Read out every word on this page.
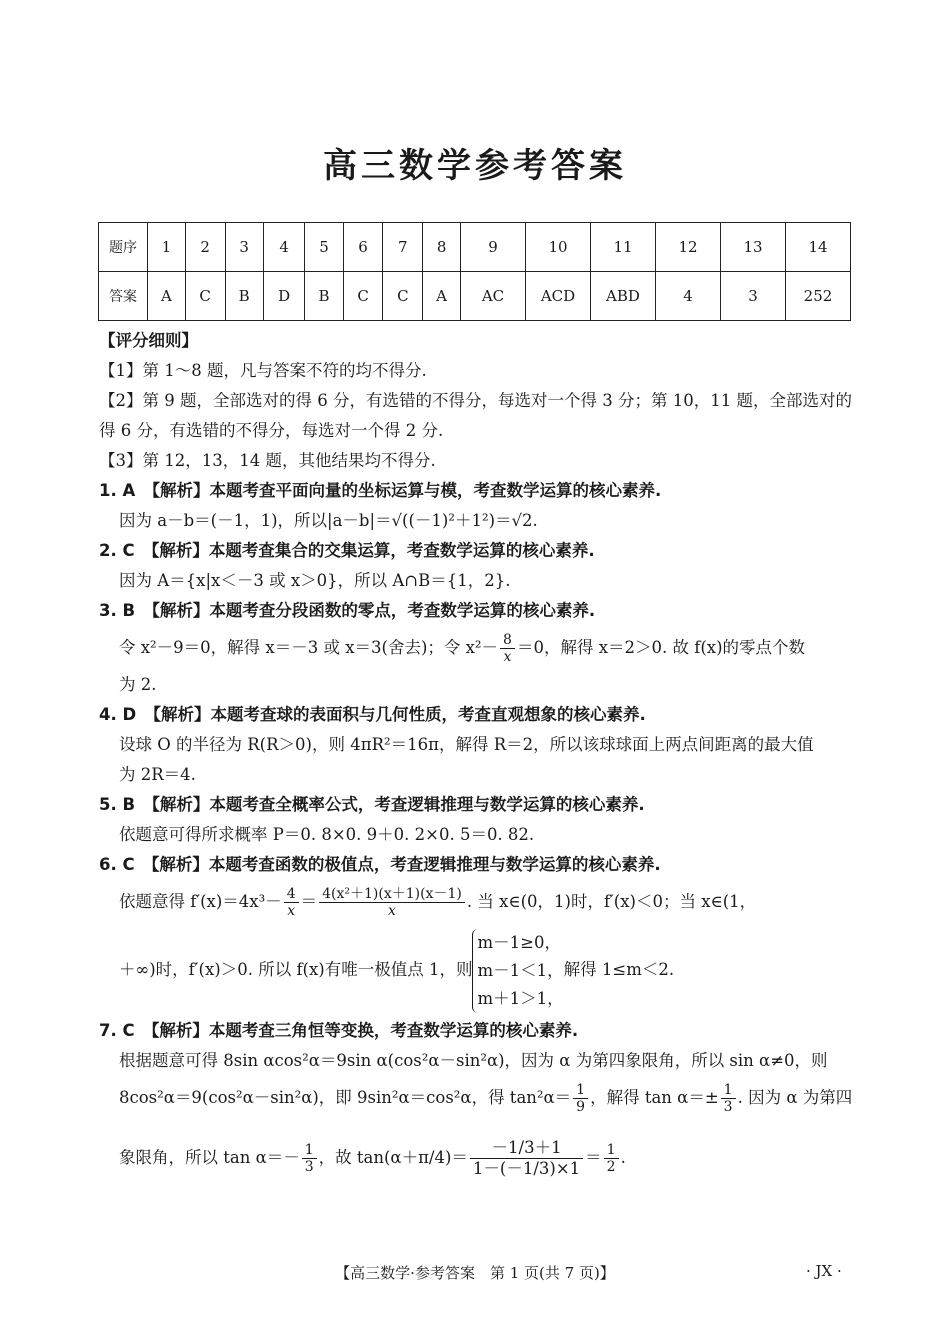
高三数学参考答案
题序	1	2	3	4	5	6	7	8	9	10	11	12	13	14
答案	A	C	B	D	B	C	C	A	AC	ACD	ABD	4	3	252
【评分细则】
【1】第 1～8 题，凡与答案不符的均不得分.
【2】第 9 题，全部选对的得 6 分，有选错的不得分，每选对一个得 3 分；第 10，11 题，全部选对的
得 6 分，有选错的不得分，每选对一个得 2 分.
【3】第 12，13，14 题，其他结果均不得分.
1. A　【解析】本题考查平面向量的坐标运算与模，考查数学运算的核心素养.
因为 a－b＝(－1，1)，所以|a－b|＝√((－1)²＋1²)＝√2.
2. C　【解析】本题考查集合的交集运算，考查数学运算的核心素养.
因为 A＝{x|x＜－3 或 x＞0}，所以 A∩B＝{1，2}.
3. B　【解析】本题考查分段函数的零点，考查数学运算的核心素养.
令 x²－9＝0，解得 x＝－3 或 x＝3(舍去)；令 $x^2- \frac{8}{x} =0$，解得 x＝2＞0. 故 f(x)的零点个数
为 2.
4. D　【解析】本题考查球的表面积与几何性质，考查直观想象的核心素养.
设球 O 的半径为 R(R＞0)，则 4πR²＝16π，解得 R＝2，所以该球球面上两点间距离的最大值
为 2R＝4.
5. B　【解析】本题考查全概率公式，考查逻辑推理与数学运算的核心素养.
依题意可得所求概率 P＝0. 8×0. 9＋0. 2×0. 5＝0. 82.
6. C　【解析】本题考查函数的极值点，考查逻辑推理与数学运算的核心素养.
依题意得 $f'(x)=4x^3- \frac{4}{x} = \frac{\text{4(x²＋1)(x＋1)(x－1)}}{x}$ . 当 x∈(0，1)时，f′(x)＜0；当 x∈(1，
＋∞)时，f′(x)＞0. 所以 f(x)有唯一极值点 1，则
m－1≥0，
m－1＜1，
m＋1＞1，
解得 1≤m＜2.
7. C　【解析】本题考查三角恒等变换，考查数学运算的核心素养.
根据题意可得 8sin αcos²α＝9sin α(cos²α－sin²α)，因为 α 为第四象限角，所以 sin α≠0，则
8cos²α＝9(cos²α－sin²α)，即 9sin²α＝cos²α，得 $\tan^2\alpha= \frac{1}{9}$ ，解得 $\tan \alpha=\pm \frac{1}{3}$ . 因为 α 为第四
象限角，所以 $\tan \alpha=- \frac{1}{3}$ ，故 $\tan(\alpha+\pi/4)= \frac{-1/3+1}{1-(-1/3)\times 1} = \frac{1}{2}$ .
【高三数学·参考答案　第 1 页(共 7 页)】	· JX ·
